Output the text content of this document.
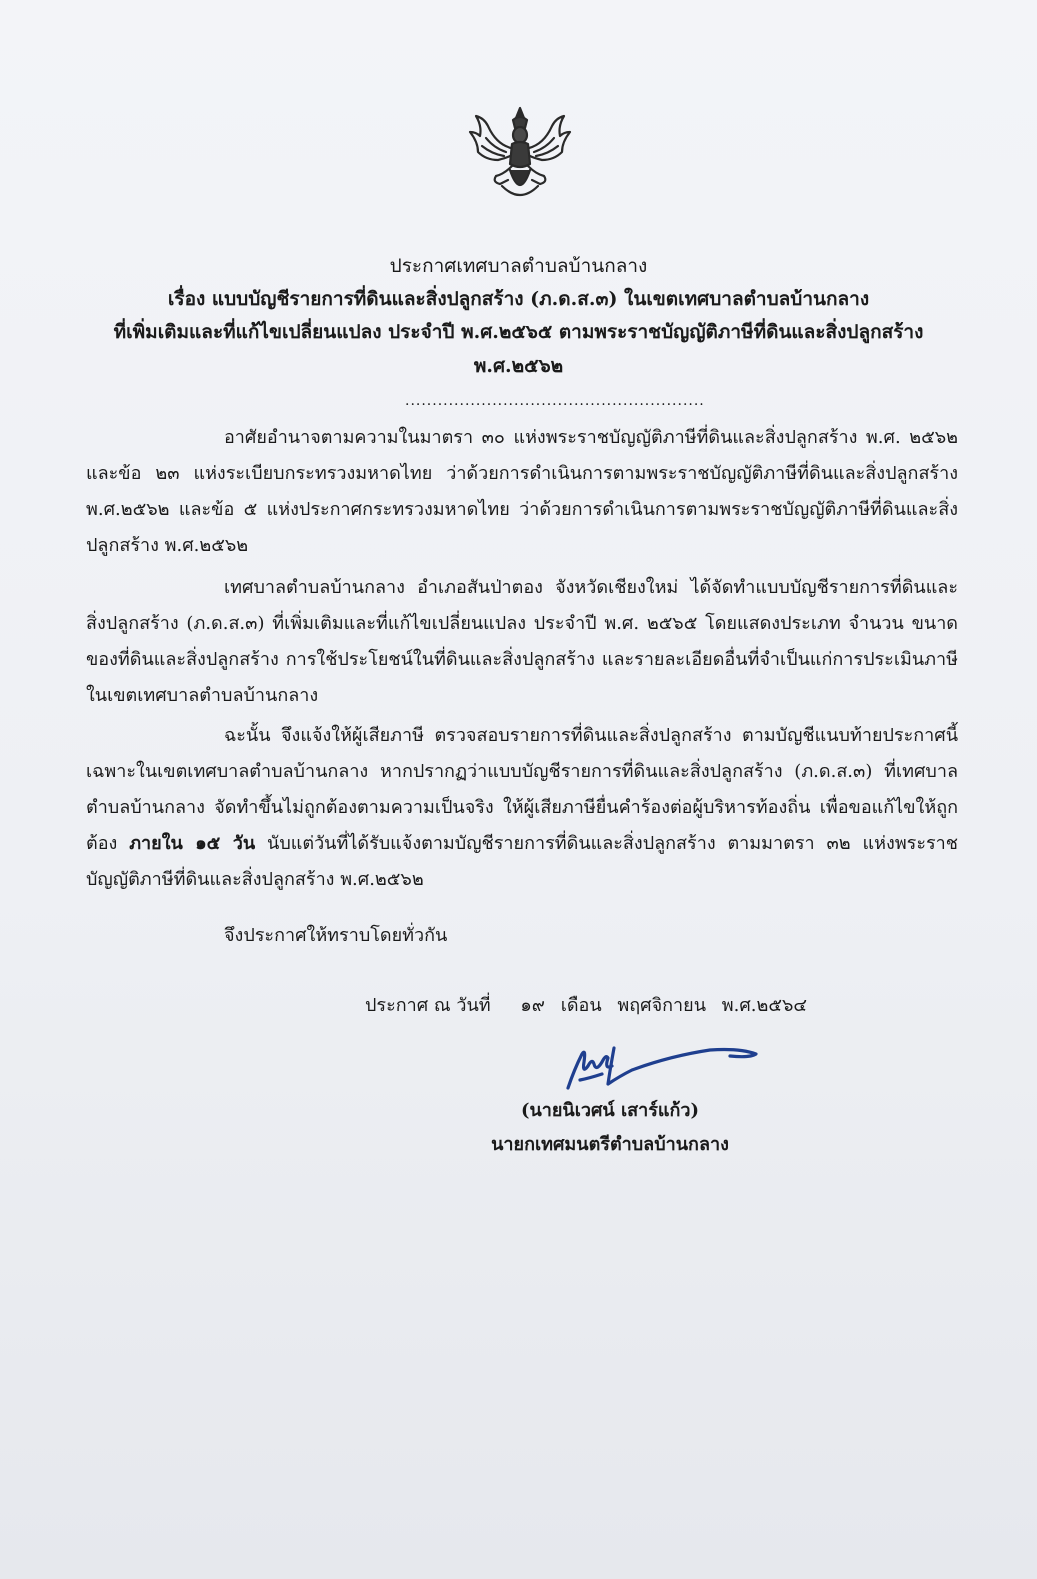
ประกาศเทศบาลตำบลบ้านกลาง
เรื่อง แบบบัญชีรายการที่ดินและสิ่งปลูกสร้าง (ภ.ด.ส.๓) ในเขตเทศบาลตำบลบ้านกลาง
ที่เพิ่มเติมและที่แก้ไขเปลี่ยนแปลง ประจำปี พ.ศ.๒๕๖๕ ตามพระราชบัญญัติภาษีที่ดินและสิ่งปลูกสร้าง
พ.ศ.๒๕๖๒
.......................................................
อาศัยอำนาจตามความในมาตรา ๓๐ แห่งพระราชบัญญัติภาษีที่ดินและสิ่งปลูกสร้าง พ.ศ. ๒๕๖๒ และข้อ ๒๓ แห่งระเบียบกระทรวงมหาดไทย ว่าด้วยการดำเนินการตามพระราชบัญญัติภาษีที่ดินและสิ่งปลูกสร้าง พ.ศ.๒๕๖๒ และข้อ ๕ แห่งประกาศกระทรวงมหาดไทย ว่าด้วยการดำเนินการตามพระราชบัญญัติภาษีที่ดินและสิ่งปลูกสร้าง พ.ศ.๒๕๖๒
เทศบาลตำบลบ้านกลาง อำเภอสันป่าตอง จังหวัดเชียงใหม่ ได้จัดทำแบบบัญชีรายการที่ดินและสิ่งปลูกสร้าง (ภ.ด.ส.๓) ที่เพิ่มเติมและที่แก้ไขเปลี่ยนแปลง ประจำปี พ.ศ. ๒๕๖๕ โดยแสดงประเภท จำนวน ขนาดของที่ดินและสิ่งปลูกสร้าง การใช้ประโยชน์ในที่ดินและสิ่งปลูกสร้าง และรายละเอียดอื่นที่จำเป็นแก่การประเมินภาษี ในเขตเทศบาลตำบลบ้านกลาง
ฉะนั้น จึงแจ้งให้ผู้เสียภาษี ตรวจสอบรายการที่ดินและสิ่งปลูกสร้าง ตามบัญชีแนบท้ายประกาศนี้ เฉพาะในเขตเทศบาลตำบลบ้านกลาง หากปรากฏว่าแบบบัญชีรายการที่ดินและสิ่งปลูกสร้าง (ภ.ด.ส.๓) ที่เทศบาลตำบลบ้านกลาง จัดทำขึ้นไม่ถูกต้องตามความเป็นจริง ให้ผู้เสียภาษียื่นคำร้องต่อผู้บริหารท้องถิ่น เพื่อขอแก้ไขให้ถูกต้อง ภายใน ๑๕ วัน นับแต่วันที่ได้รับแจ้งตามบัญชีรายการที่ดินและสิ่งปลูกสร้าง ตามมาตรา ๓๒ แห่งพระราชบัญญัติภาษีที่ดินและสิ่งปลูกสร้าง พ.ศ.๒๕๖๒
จึงประกาศให้ทราบโดยทั่วกัน
ประกาศ ณ วันที่ ๑๙ เดือน พฤศจิกายน พ.ศ.๒๕๖๔
(นายนิเวศน์ เสาร์แก้ว)
นายกเทศมนตรีตำบลบ้านกลาง
